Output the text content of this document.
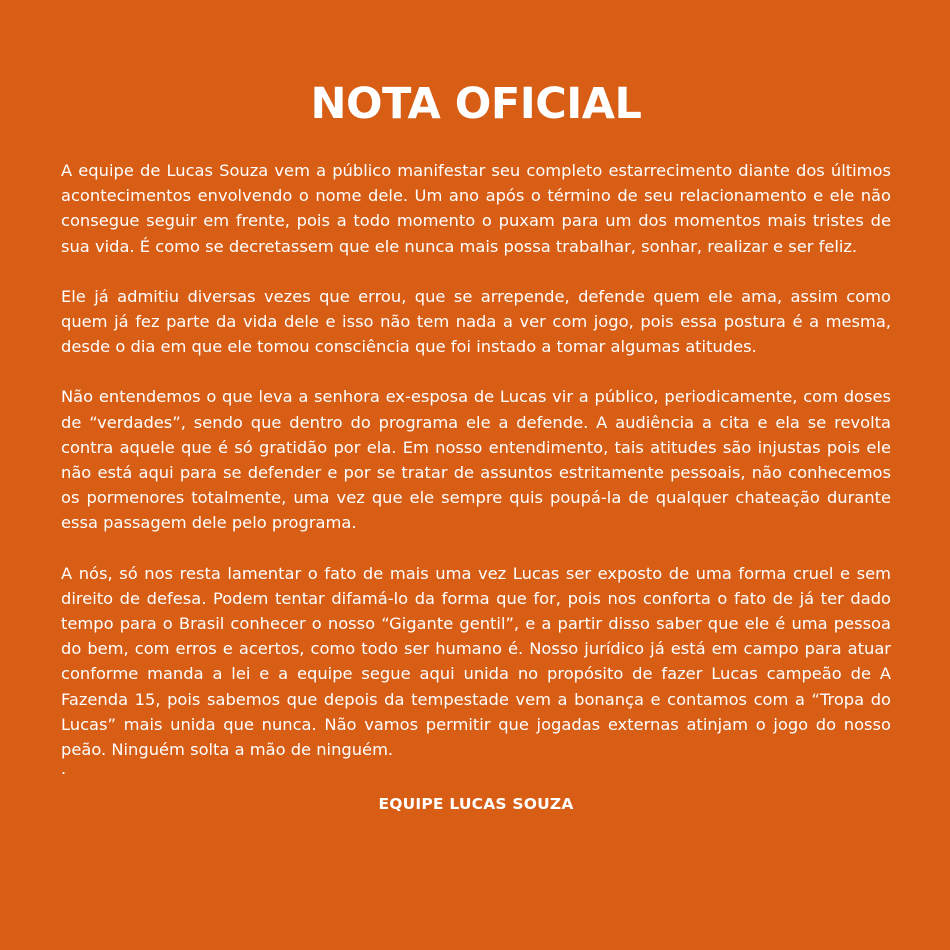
NOTA OFICIAL

A equipe de Lucas Souza vem a público manifestar seu completo estarrecimento diante dos últimos acontecimentos envolvendo o nome dele. Um ano após o término de seu relacionamento e ele não consegue seguir em frente, pois a todo momento o puxam para um dos momentos mais tristes de sua vida. É como se decretassem que ele nunca mais possa trabalhar, sonhar, realizar e ser feliz.

Ele já admitiu diversas vezes que errou, que se arrepende, defende quem ele ama, assim como quem já fez parte da vida dele e isso não tem nada a ver com jogo, pois essa postura é a mesma, desde o dia em que ele tomou consciência que foi instado a tomar algumas atitudes.

Não entendemos o que leva a senhora ex-esposa de Lucas vir a público, periodicamente, com doses de “verdades”, sendo que dentro do programa ele a defende. A audiência a cita e ela se revolta contra aquele que é só gratidão por ela. Em nosso entendimento, tais atitudes são injustas pois ele não está aqui para se defender e por se tratar de assuntos estritamente pessoais, não conhecemos os pormenores totalmente, uma vez que ele sempre quis poupá-la de qualquer chateação durante essa passagem dele pelo programa.

A nós, só nos resta lamentar o fato de mais uma vez Lucas ser exposto de uma forma cruel e sem direito de defesa. Podem tentar difamá-lo da forma que for, pois nos conforta o fato de já ter dado tempo para o Brasil conhecer o nosso “Gigante gentil”, e a partir disso saber que ele é uma pessoa do bem, com erros e acertos, como todo ser humano é. Nosso jurídico já está em campo para atuar conforme manda a lei e a equipe segue aqui unida no propósito de fazer Lucas campeão de A Fazenda 15, pois sabemos que depois da tempestade vem a bonança e contamos com a “Tropa do Lucas” mais unida que nunca. Não vamos permitir que jogadas externas atinjam o jogo do nosso peão. Ninguém solta a mão de ninguém.

.

EQUIPE LUCAS SOUZA
